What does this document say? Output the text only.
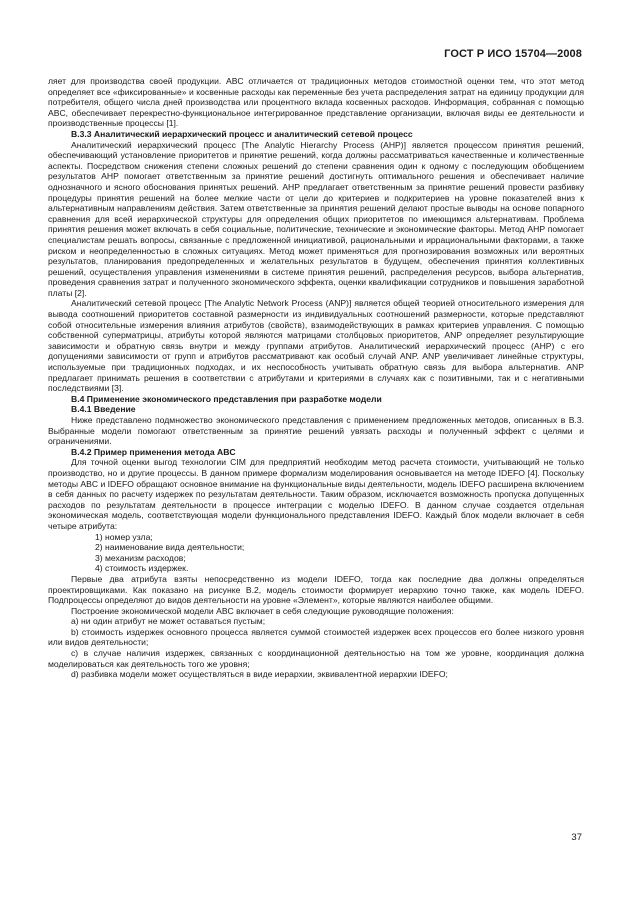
ГОСТ Р ИСО 15704—2008

ляет для производства своей продукции. ABC отличается от традиционных методов стоимостной оценки тем, что этот метод определяет все «фиксированные» и косвенные расходы как переменные без учета распределения затрат на единицу продукции для потребителя, общего числа дней производства или процентного вклада косвенных расходов. Информация, собранная с помощью ABC, обеспечивает перекрестно-функциональное интегрированное представление организации, включая виды ее деятельности и производственные процессы [1].

В.3.3 Аналитический иерархический процесс и аналитический сетевой процесс

Аналитический иерархический процесс [The Analytic Hierarchy Process (AHP)] является процессом принятия решений, обеспечивающий установление приоритетов и принятие решений, когда должны рассматриваться качественные и количественные аспекты. Посредством снижения степени сложных решений до степени сравнения один к одному с последующим обобщением результатов AHP помогает ответственным за принятие решений достигнуть оптимального решения и обеспечивает наличие однозначного и ясного обоснования принятых решений. AHP предлагает ответственным за принятие решений провести разбивку процедуры принятия решений на более мелкие части от цели до критериев и подкритериев на уровне показателей вниз к альтернативным направлениям действия. Затем ответственные за принятия решений делают простые выводы на основе попарного сравнения для всей иерархической структуры для определения общих приоритетов по имеющимся альтернативам. Проблема принятия решения может включать в себя социальные, политические, технические и экономические факторы. Метод AHP помогает специалистам решать вопросы, связанные с предложенной инициативой, рациональными и иррациональными факторами, а также риском и неопределенностью в сложных ситуациях. Метод может применяться для прогнозирования возможных или вероятных результатов, планирования предопределенных и желательных результатов в будущем, обеспечения принятия коллективных решений, осуществления управления изменениями в системе принятия решений, распределения ресурсов, выбора альтернатив, проведения сравнения затрат и полученного экономического эффекта, оценки квалификации сотрудников и повышения заработной платы [2].

Аналитический сетевой процесс [The Analytic Network Process (ANP)] является общей теорией относительного измерения для вывода соотношений приоритетов составной размерности из индивидуальных соотношений размерности, которые представляют собой относительные измерения влияния атрибутов (свойств), взаимодействующих в рамках критериев управления. С помощью собственной суперматрицы, атрибуты которой являются матрицами столбцовых приоритетов, ANP определяет результирующие зависимости и обратную связь внутри и между группами атрибутов. Аналитический иерархический процесс (AHP) с его допущениями зависимости от групп и атрибутов рассматривают как особый случай ANP. ANP увеличивает линейные структуры, используемые при традиционных подходах, и их неспособность учитывать обратную связь для выбора альтернатив. ANP предлагает принимать решения в соответствии с атрибутами и критериями в случаях как с позитивными, так и с негативными последствиями [3].

В.4 Применение экономического представления при разработке модели

В.4.1 Введение

Ниже представлено подмножество экономического представления с применением предложенных методов, описанных в В.3. Выбранные модели помогают ответственным за принятие решений увязать расходы и полученный эффект с целями и ограничениями.

В.4.2 Пример применения метода ABC

Для точной оценки выгод технологии CIM для предприятий необходим метод расчета стоимости, учитывающий не только производство, но и другие процессы. В данном примере формализм моделирования основывается на методе IDEFO [4]. Поскольку методы ABC и IDEFO обращают основное внимание на функциональные виды деятельности, модель IDEFO расширена включением в себя данных по расчету издержек по результатам деятельности. Таким образом, исключается возможность пропуска допущенных расходов по результатам деятельности в процессе интеграции с моделью IDEFO. В данном случае создается отдельная экономическая модель, соответствующая модели функционального представления IDEFO. Каждый блок модели включает в себя четыре атрибута:

1) номер узла;

2) наименование вида деятельности;

3) механизм расходов;

4) стоимость издержек.

Первые два атрибута взяты непосредственно из модели IDEFO, тогда как последние два должны определяться проектировщиками. Как показано на рисунке В.2, модель стоимости формирует иерархию точно также, как модель IDEFO. Подпроцессы определяют до видов деятельности на уровне «Элемент», которые являются наиболее общими.

Построение экономической модели ABC включает в себя следующие руководящие положения:

а) ни один атрибут не может оставаться пустым;

b) стоимость издержек основного процесса является суммой стоимостей издержек всех процессов его более низкого уровня или видов деятельности;

с) в случае наличия издержек, связанных с координационной деятельностью на том же уровне, координация должна моделироваться как деятельность того же уровня;

d) разбивка модели может осуществляться в виде иерархии, эквивалентной иерархии IDEFO;

37
